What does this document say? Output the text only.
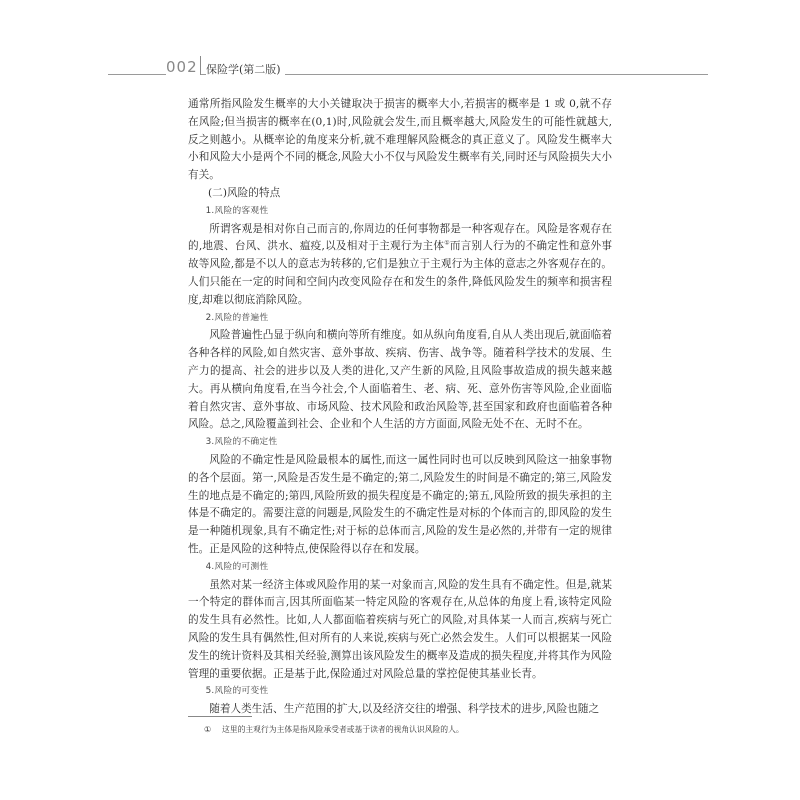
002 保险学(第二版)

通常所指风险发生概率的大小关键取决于损害的概率大小,若损害的概率是 1 或 0,就不存在风险;但当损害的概率在(0,1)时,风险就会发生,而且概率越大,风险发生的可能性就越大,反之则越小。从概率论的角度来分析,就不难理解风险概念的真正意义了。风险发生概率大小和风险大小是两个不同的概念,风险大小不仅与风险发生概率有关,同时还与风险损失大小有关。

(二)风险的特点

1.风险的客观性

所谓客观是相对你自己而言的,你周边的任何事物都是一种客观存在。风险是客观存在的,地震、台风、洪水、瘟疫,以及相对于主观行为主体①而言别人行为的不确定性和意外事故等风险,都是不以人的意志为转移的,它们是独立于主观行为主体的意志之外客观存在的。人们只能在一定的时间和空间内改变风险存在和发生的条件,降低风险发生的频率和损害程度,却难以彻底消除风险。

2.风险的普遍性

风险普遍性凸显于纵向和横向等所有维度。如从纵向角度看,自从人类出现后,就面临着各种各样的风险,如自然灾害、意外事故、疾病、伤害、战争等。随着科学技术的发展、生产力的提高、社会的进步以及人类的进化,又产生新的风险,且风险事故造成的损失越来越大。再从横向角度看,在当今社会,个人面临着生、老、病、死、意外伤害等风险,企业面临着自然灾害、意外事故、市场风险、技术风险和政治风险等,甚至国家和政府也面临着各种风险。总之,风险覆盖到社会、企业和个人生活的方方面面,风险无处不在、无时不在。

3.风险的不确定性

风险的不确定性是风险最根本的属性,而这一属性同时也可以反映到风险这一抽象事物的各个层面。第一,风险是否发生是不确定的;第二,风险发生的时间是不确定的;第三,风险发生的地点是不确定的;第四,风险所致的损失程度是不确定的;第五,风险所致的损失承担的主体是不确定的。需要注意的问题是,风险发生的不确定性是对标的个体而言的,即风险的发生是一种随机现象,具有不确定性;对于标的总体而言,风险的发生是必然的,并带有一定的规律性。正是风险的这种特点,使保险得以存在和发展。

4.风险的可测性

虽然对某一经济主体或风险作用的某一对象而言,风险的发生具有不确定性。但是,就某一个特定的群体而言,因其所面临某一特定风险的客观存在,从总体的角度上看,该特定风险的发生具有必然性。比如,人人都面临着疾病与死亡的风险,对具体某一人而言,疾病与死亡风险的发生具有偶然性,但对所有的人来说,疾病与死亡必然会发生。人们可以根据某一风险发生的统计资料及其相关经验,测算出该风险发生的概率及造成的损失程度,并将其作为风险管理的重要依据。正是基于此,保险通过对风险总量的掌控促使其基业长青。

5.风险的可变性

随着人类生活、生产范围的扩大,以及经济交往的增强、科学技术的进步,风险也随之

① 这里的主观行为主体是指风险承受者或基于读者的视角认识风险的人。
